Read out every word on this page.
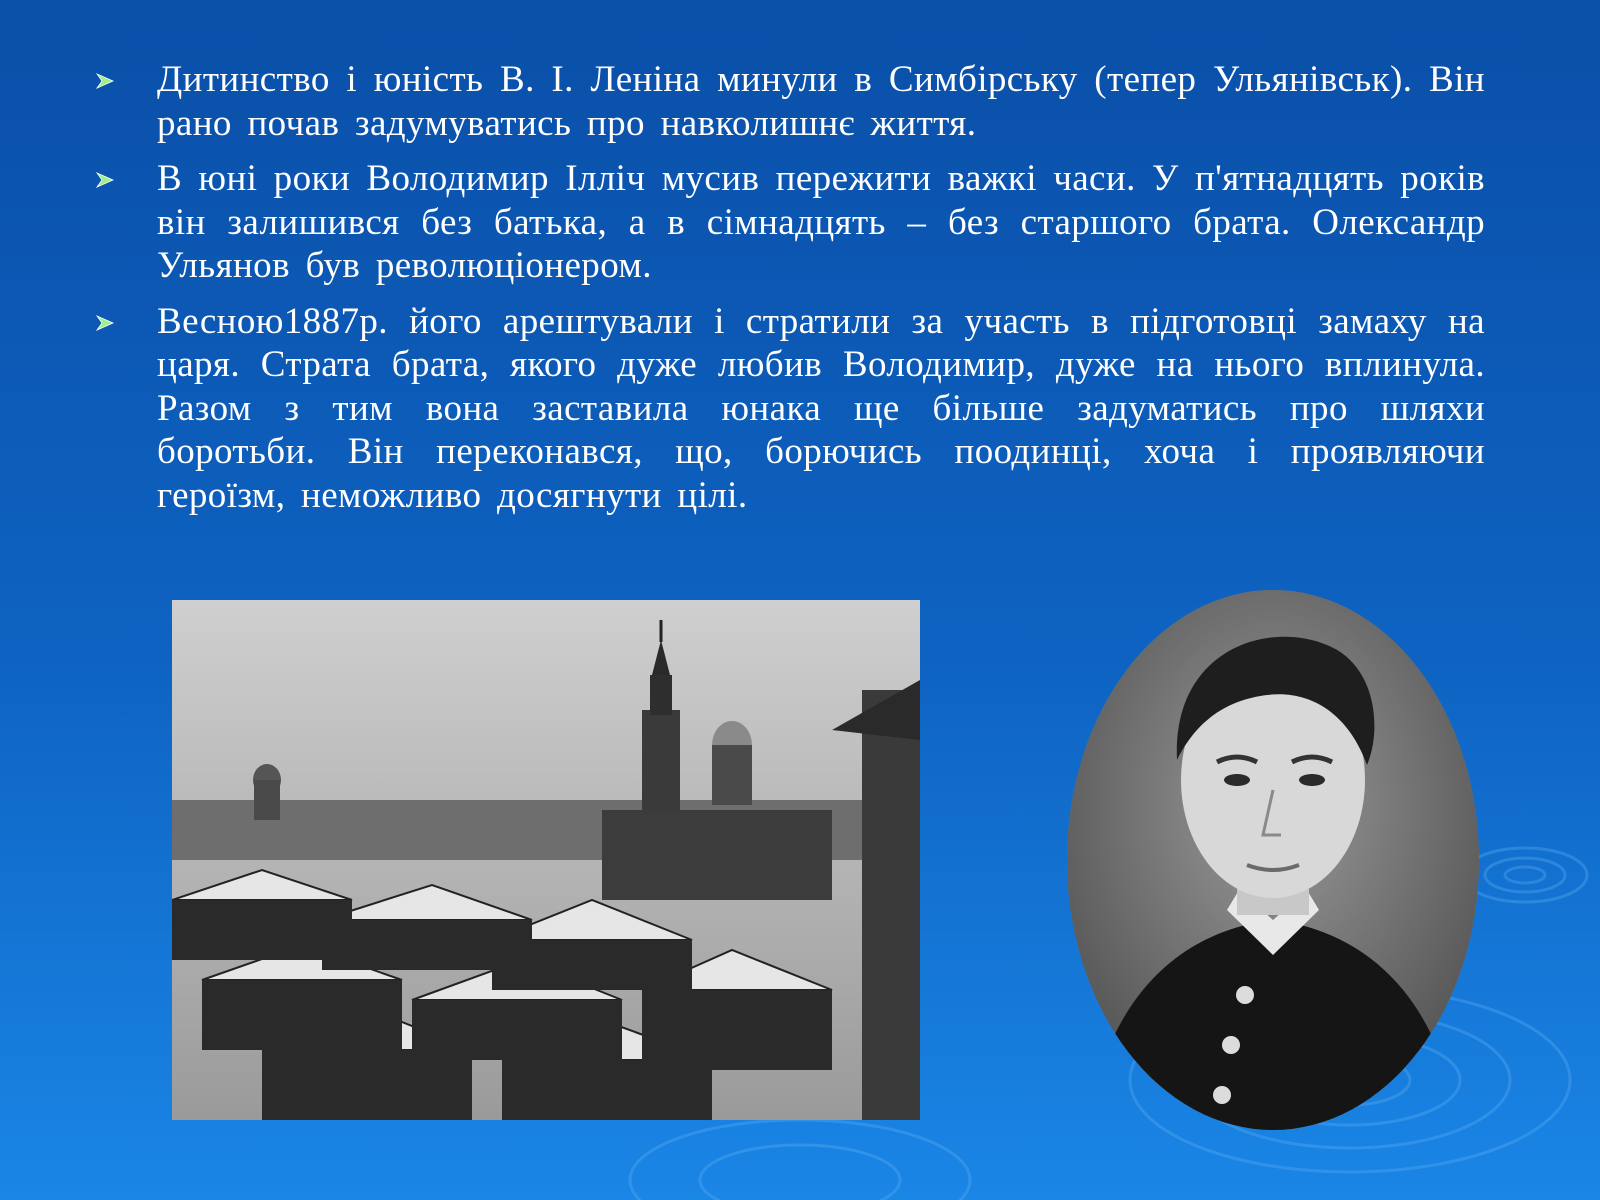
Дитинство і юність В. І. Леніна минули в Симбірську (тепер Ульянівськ). Він рано почав задумуватись про навколишнє життя.
В юні роки Володимир Ілліч мусив пережити важкі часи. У п'ятнадцять років він залишився без батька, а в сімнадцять – без старшого брата. Олександр Ульянов був революціонером.
Весною1887р. його арештували і стратили за участь в підготовці замаху на царя. Страта брата, якого дуже любив Володимир, дуже на нього вплинула. Разом з тим вона заставила юнака ще більше задуматись про шляхи боротьби. Він переконався, що, борючись поодинці, хоча і проявляючи героїзм, неможливо досягнути цілі.
